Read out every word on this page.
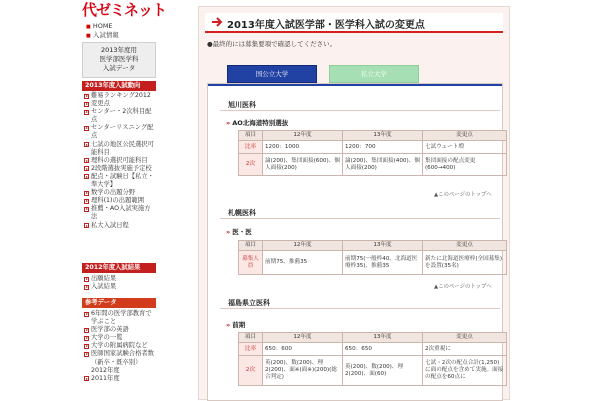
代ゼミネット
■ HOME
■ 入試情報
2013年度用
医学部医学科
入試データ
2013年度入試動向
難易ランキング2012
変更点
センター・2次科目配点
センターリスニング配点
七試の地区公民選択可能科目
理科の選択可能科目
2段階選抜実施予定校
配点・試験日【私立・準大学】
数学の出題分野
理科(1)の出題範囲
推薦・AO入試実施方法
私大入試日程
2012年度入試結果
出願結果
入試結果
参考データ
6年間の医学部教育で学ぶこと
医学部の英語
大学の一覧
大学の附属病院など
医師国家試験合格者数（新卒・既卒別）2012年度
2011年度
2013年度入試医学部・医学科入試の変更点
●最終的には募集要項で確認してください。
国公立大学	私立大学
旭川医科
» AO北海道特別選抜
項目	12年度	13年度	変更点
比率	1200：1000	1200：700	七試ウェート増
2次	論(200)、集団面接(600)、個人面接(200)	論(200)、集団面接(400)、個人面接(200)	集団面接の配点変更(600→400)
▲このページのトップへ
札幌医科
» 医・医
項目	12年度	13年度	変更点
募集人員	前期75、推薦35	前期75(一般枠40、北海道医療枠35)、推薦35	新たに北海道医療枠(全国募集)を設置(35名)
▲このページのトップへ
福島県立医科
» 前期
項目	12年度	13年度	変更点
比率	650：600	650：650	2次重視に
2次	英(200)、数(200)、理2(200)、面※(面※)(200)(総合判定)	英(200)、数(200)、理2(200)、面(60)	七試・2次の配点合計(1,250)に面の配点を含めて実施。面接の配点を60点に
